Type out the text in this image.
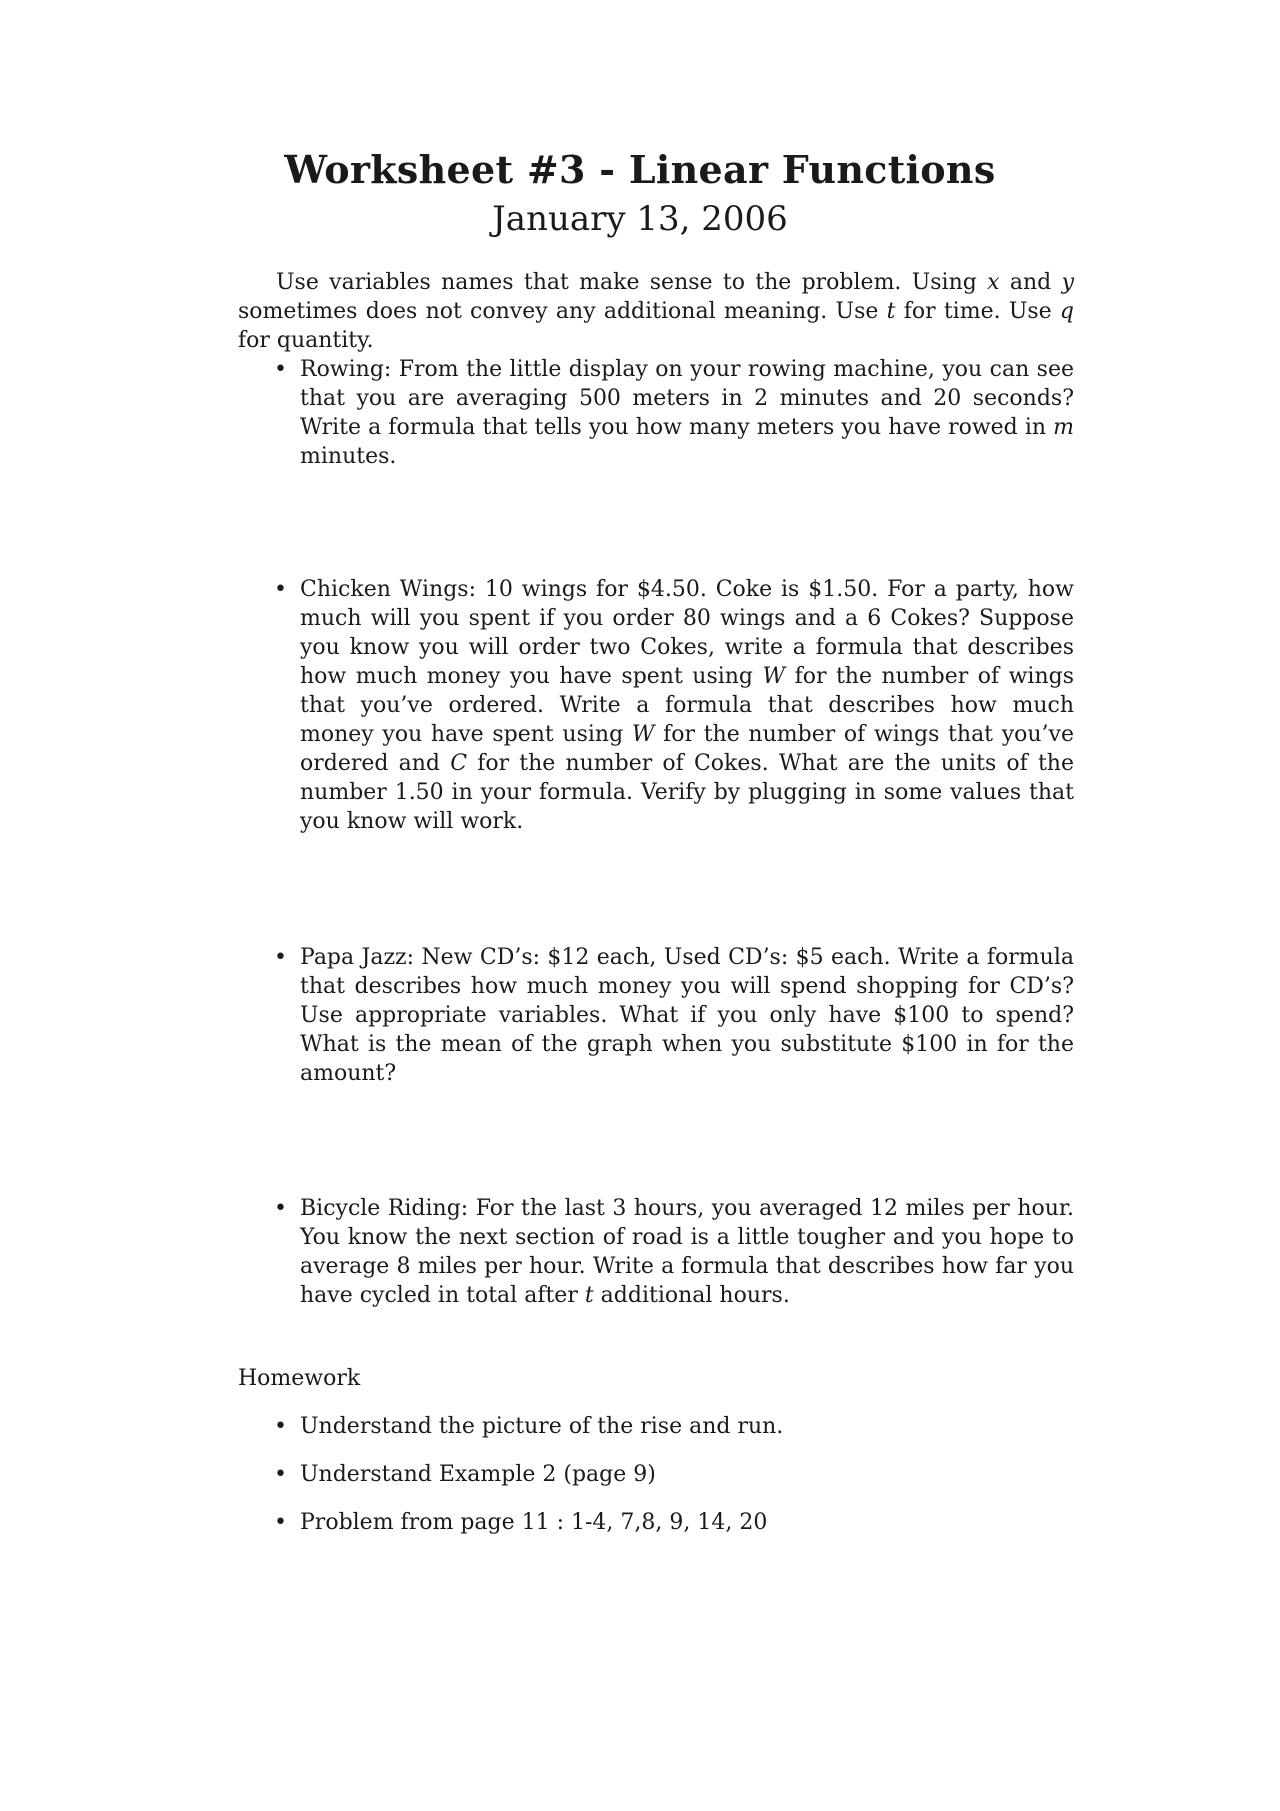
Worksheet #3 - Linear Functions
January 13, 2006

Use variables names that make sense to the problem. Using x and y sometimes does not convey any additional meaning. Use t for time. Use q for quantity.

• Rowing: From the little display on your rowing machine, you can see that you are averaging 500 meters in 2 minutes and 20 seconds? Write a formula that tells you how many meters you have rowed in m minutes.
• Chicken Wings: 10 wings for $4.50. Coke is $1.50. For a party, how much will you spent if you order 80 wings and a 6 Cokes? Suppose you know you will order two Cokes, write a formula that describes how much money you have spent using W for the number of wings that you’ve ordered. Write a formula that describes how much money you have spent using W for the number of wings that you’ve ordered and C for the number of Cokes. What are the units of the number 1.50 in your formula. Verify by plugging in some values that you know will work.
• Papa Jazz: New CD’s: $12 each, Used CD’s: $5 each. Write a formula that describes how much money you will spend shopping for CD’s? Use appropriate variables. What if you only have $100 to spend? What is the mean of the graph when you substitute $100 in for the amount?
• Bicycle Riding: For the last 3 hours, you averaged 12 miles per hour. You know the next section of road is a little tougher and you hope to average 8 miles per hour. Write a formula that describes how far you have cycled in total after t additional hours.
Homework
• Understand the picture of the rise and run.
• Understand Example 2 (page 9)
• Problem from page 11 : 1-4, 7,8, 9, 14, 20
